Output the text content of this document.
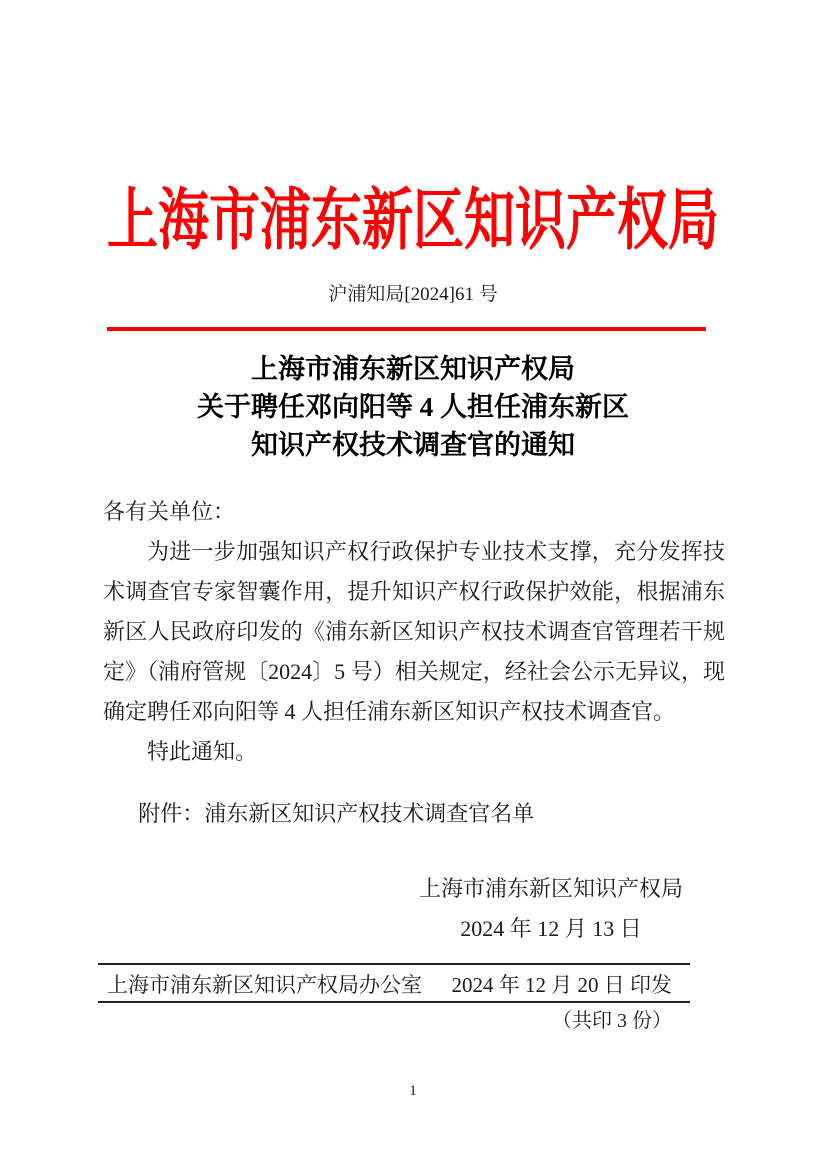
上海市浦东新区知识产权局
沪浦知局[2024]61 号
上海市浦东新区知识产权局
关于聘任邓向阳等 4 人担任浦东新区
知识产权技术调查官的通知

各有关单位：

为进一步加强知识产权行政保护专业技术支撑，充分发挥技术调查官专家智囊作用，提升知识产权行政保护效能，根据浦东新区人民政府印发的《浦东新区知识产权技术调查官管理若干规定》（浦府管规〔2024〕5 号）相关规定，经社会公示无异议，现确定聘任邓向阳等 4 人担任浦东新区知识产权技术调查官。

特此通知。

附件：浦东新区知识产权技术调查官名单

上海市浦东新区知识产权局
2024 年 12 月 13 日
上海市浦东新区知识产权局办公室 2024 年 12 月 20 日 印发
（共印 3 份）
1
